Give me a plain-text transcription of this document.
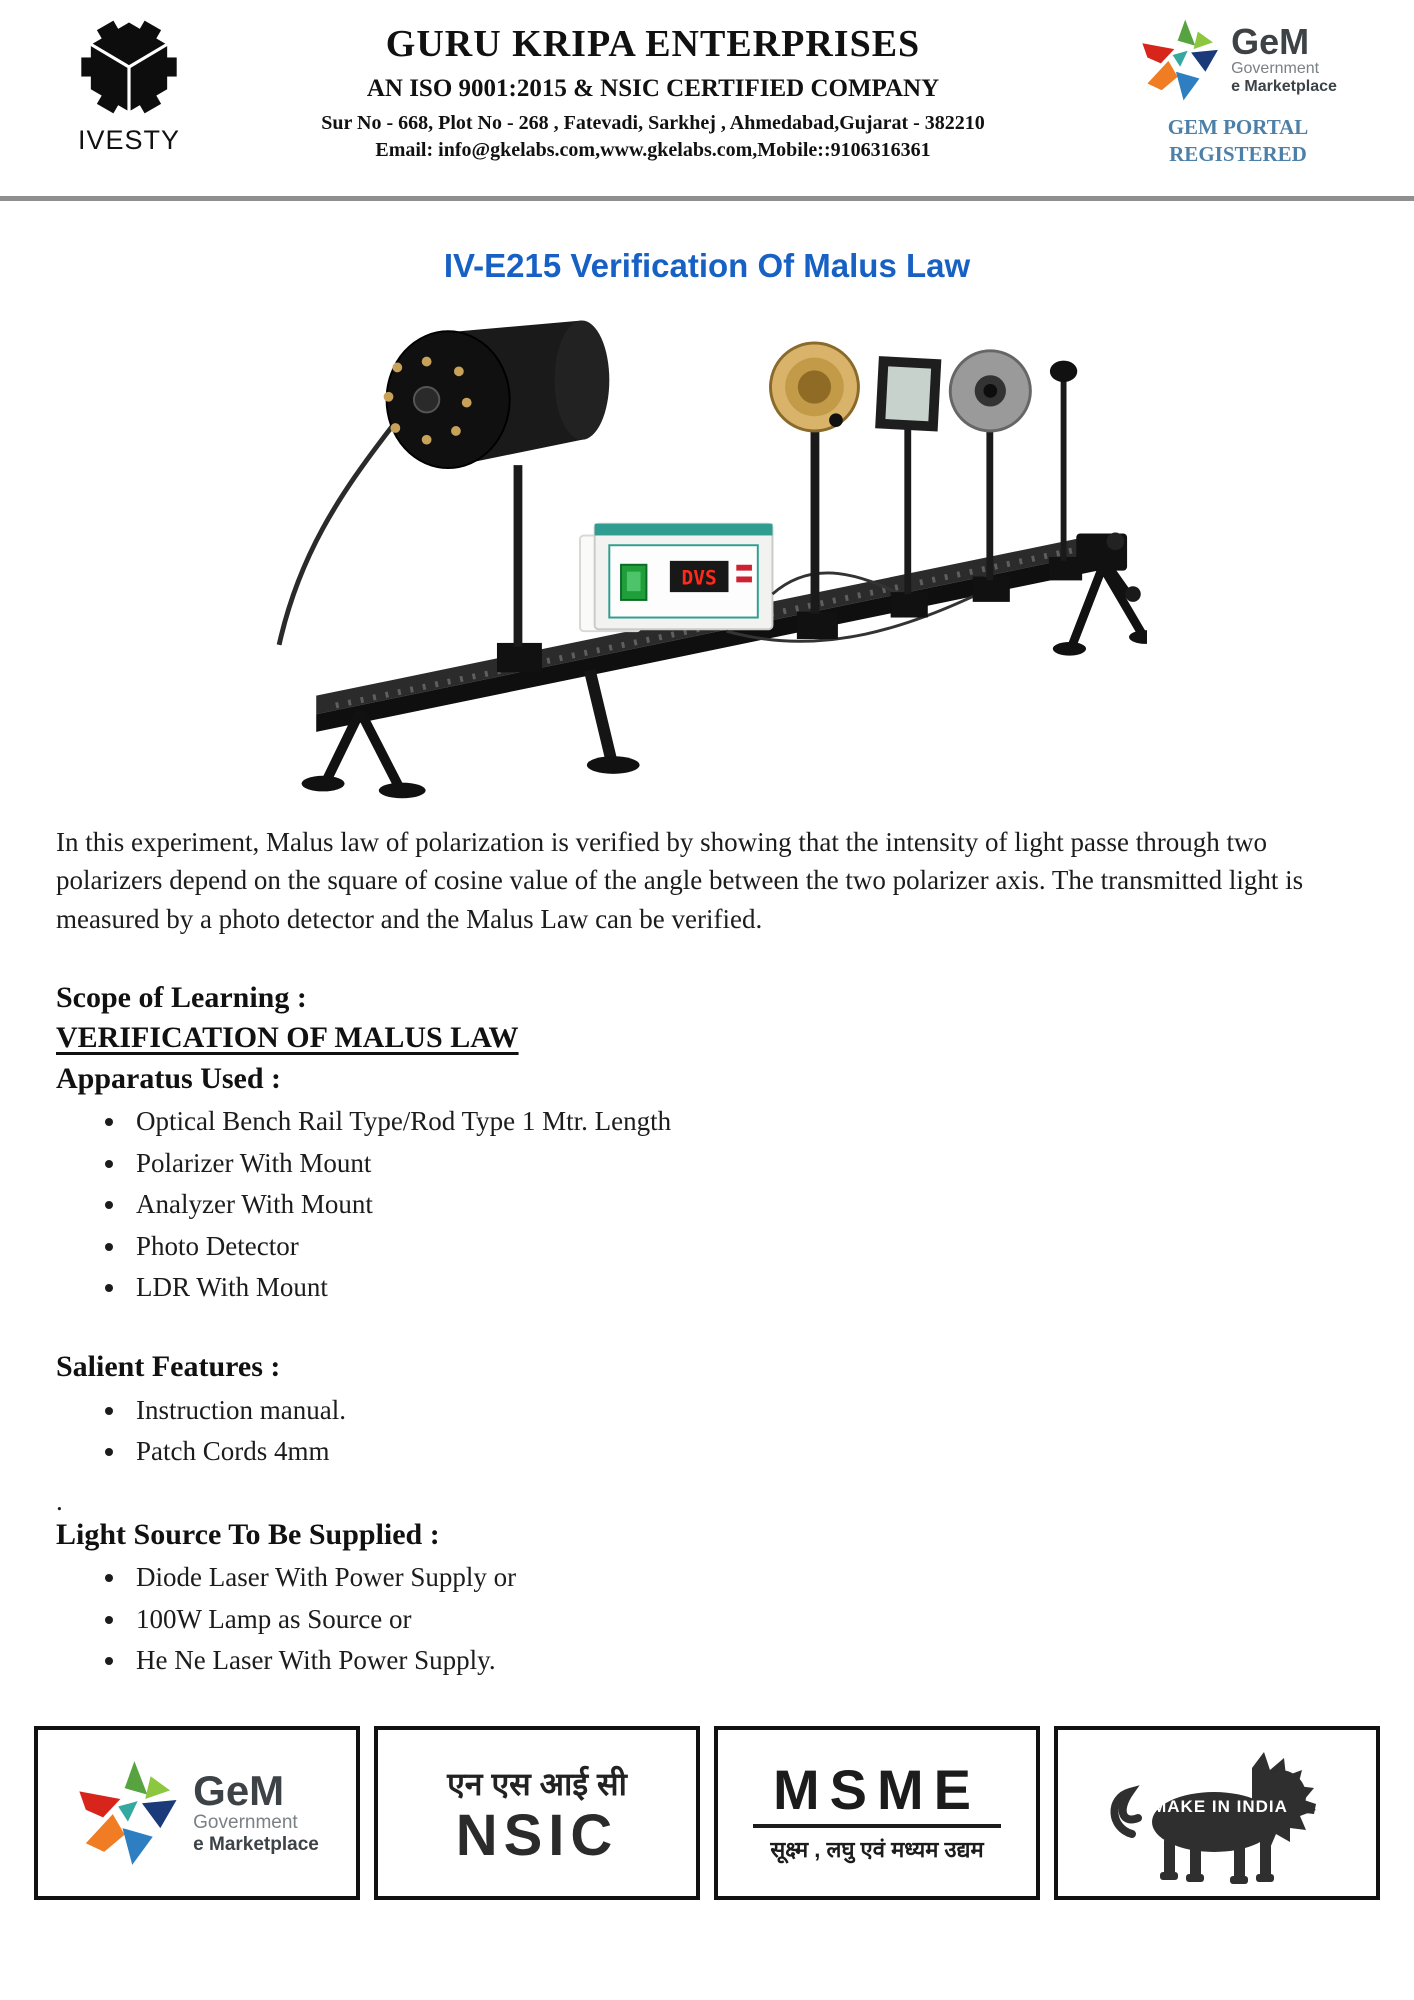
IVESTY
GURU KRIPA ENTERPRISES
AN ISO 9001:2015 & NSIC CERTIFIED COMPANY
Sur No - 668, Plot No - 268 , Fatevadi, Sarkhej , Ahmedabad,Gujarat - 382210
Email: info@gkelabs.com,www.gkelabs.com,Mobile::9106316361
GeM
Government
e Marketplace
GEM PORTAL
REGISTERED
IV-E215 Verification Of Malus Law
DVS

In this experiment, Malus law of polarization is verified by showing that the intensity of light passe through two polarizers depend on the square of cosine value of the angle between the two polarizer axis. The transmitted light is measured by a photo detector and the Malus Law can be verified.

Scope of Learning :
VERIFICATION OF MALUS LAW
Apparatus Used :
• Optical Bench Rail Type/Rod Type 1 Mtr. Length
• Polarizer With Mount
• Analyzer With Mount
• Photo Detector
• LDR With Mount
Salient Features :
• Instruction manual.
• Patch Cords 4mm
.
Light Source To Be Supplied :
• Diode Laser With Power Supply or
• 100W Lamp as Source or
• He Ne Laser With Power Supply.
GeM
Government
e Marketplace
एन एस आई सी
NSIC
MSME
सूक्ष्म , लघु एवं मध्यम उद्यम
MAKE IN INDIA
